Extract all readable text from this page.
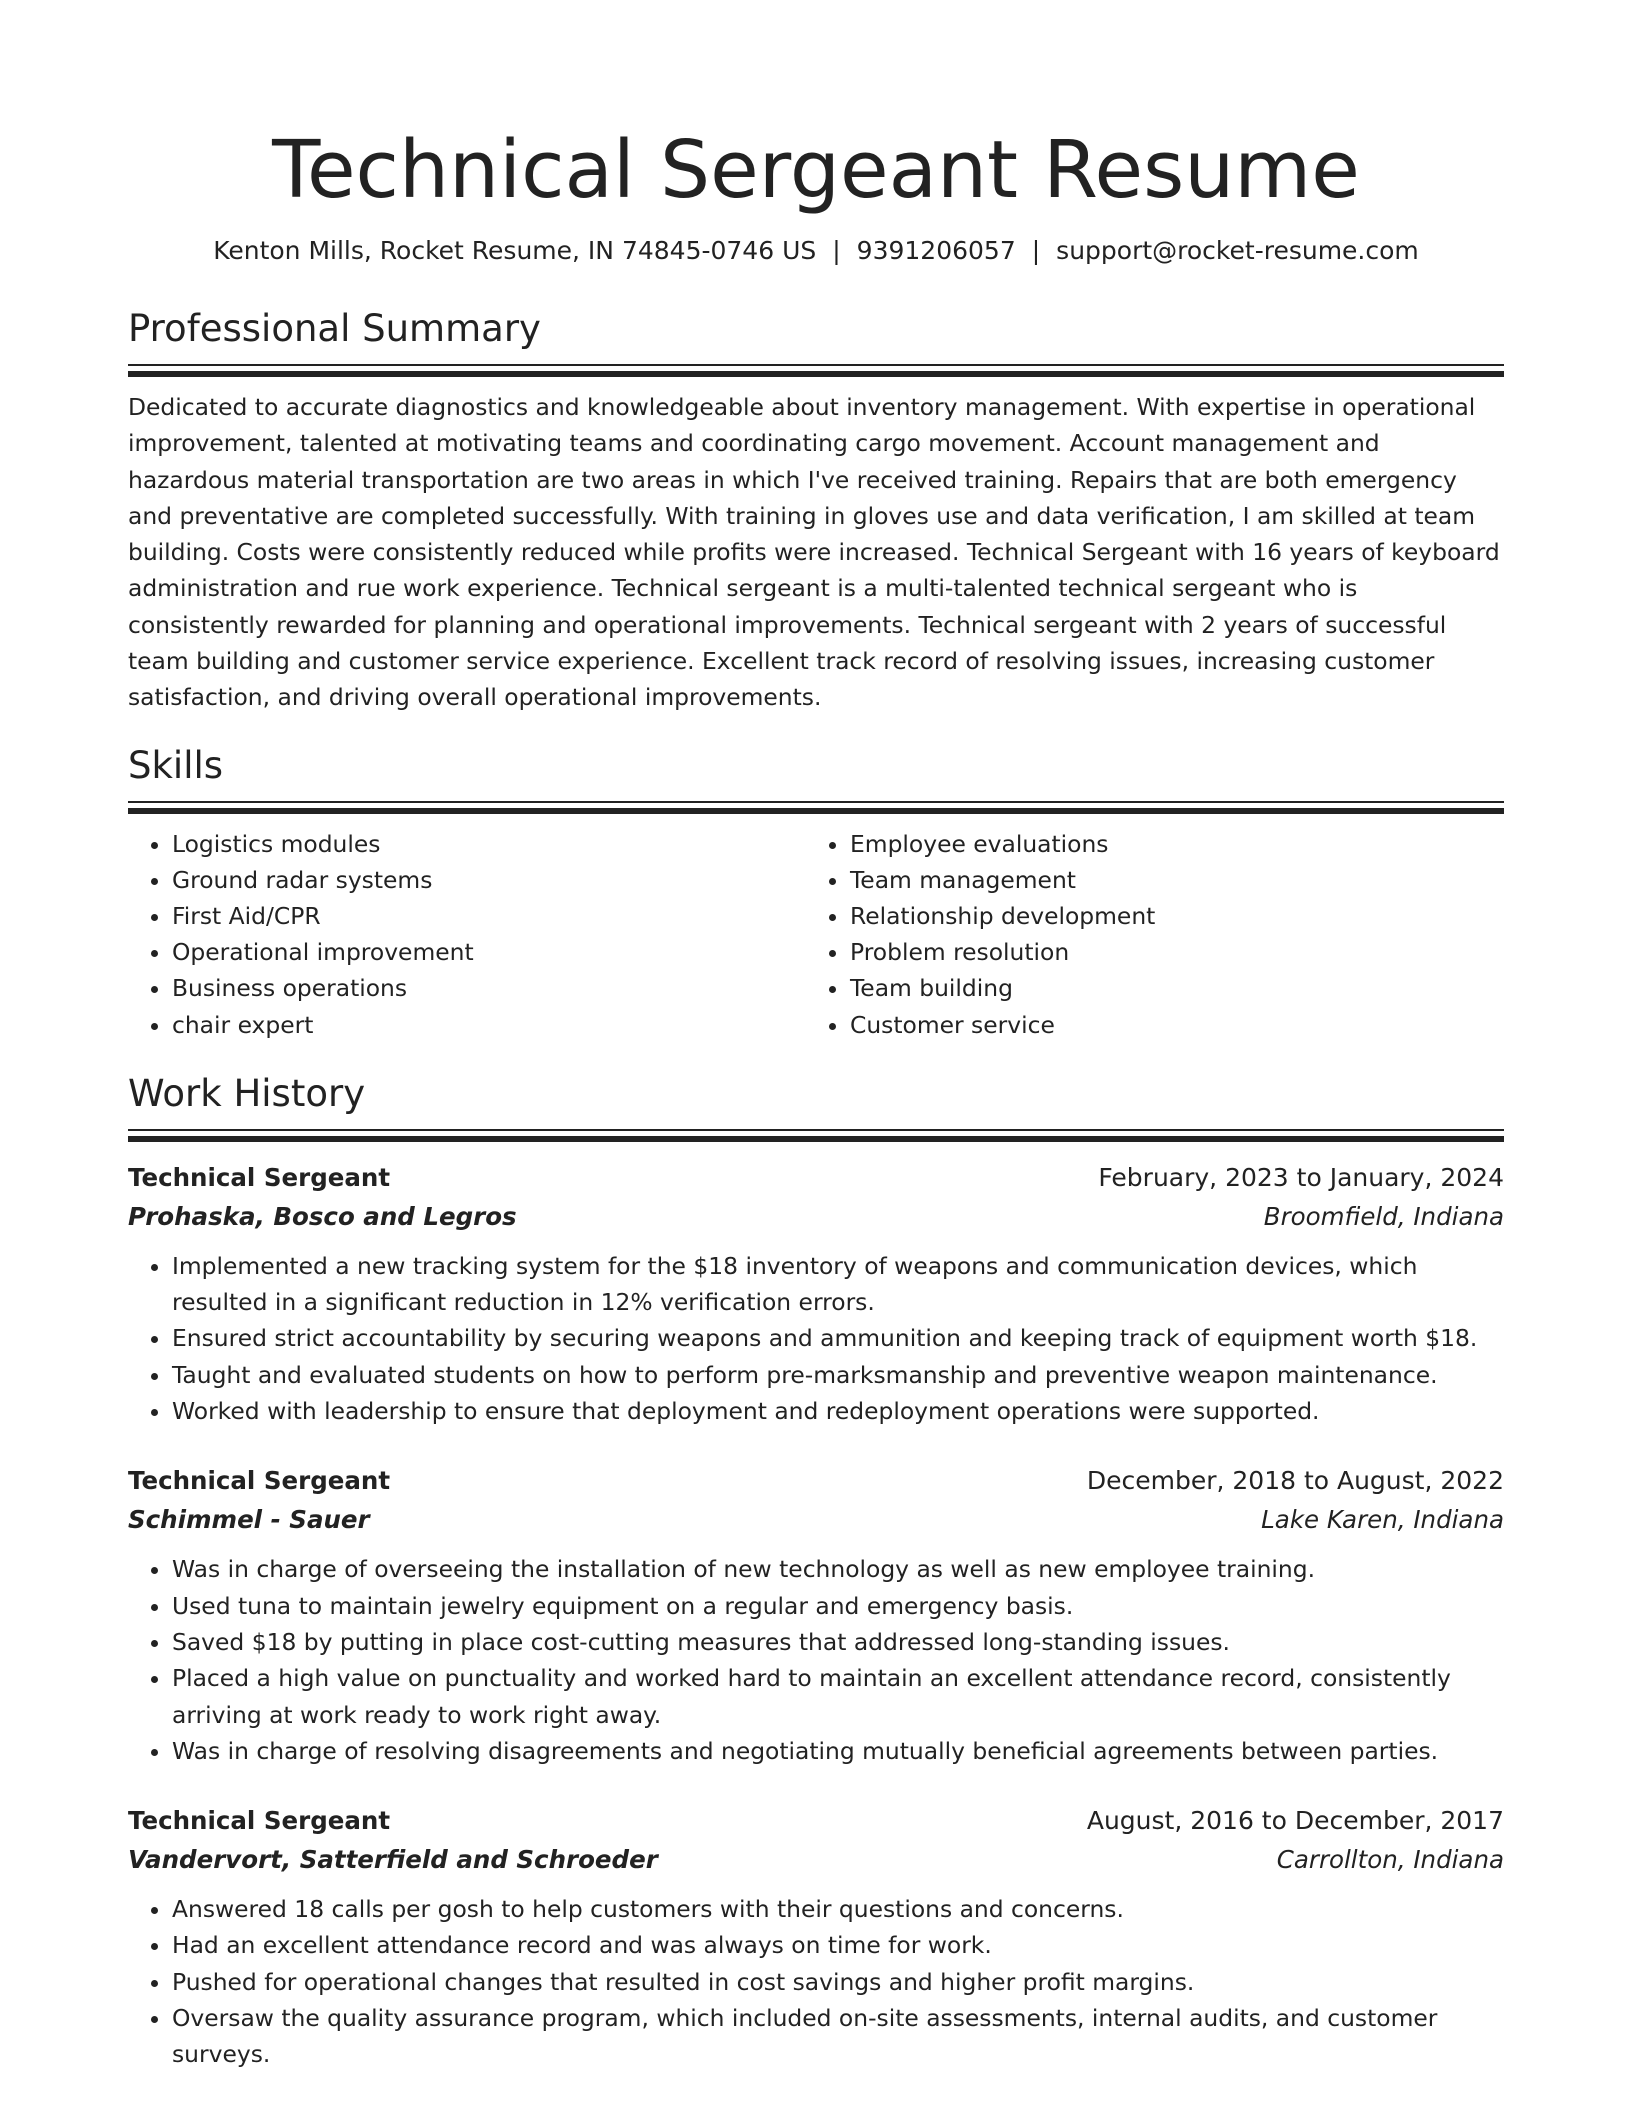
Technical Sergeant Resume
Kenton Mills, Rocket Resume, IN 74845-0746 US | 9391206057 | support@rocket-resume.com
Professional Summary
Dedicated to accurate diagnostics and knowledgeable about inventory management. With expertise in operational improvement, talented at motivating teams and coordinating cargo movement. Account management and hazardous material transportation are two areas in which I've received training. Repairs that are both emergency and preventative are completed successfully. With training in gloves use and data verification, I am skilled at team building. Costs were consistently reduced while profits were increased. Technical Sergeant with 16 years of keyboard administration and rue work experience. Technical sergeant is a multi-talented technical sergeant who is consistently rewarded for planning and operational improvements. Technical sergeant with 2 years of successful team building and customer service experience. Excellent track record of resolving issues, increasing customer satisfaction, and driving overall operational improvements.
Skills
• Logistics modules
• Ground radar systems
• First Aid/CPR
• Operational improvement
• Business operations
• chair expert
• Employee evaluations
• Team management
• Relationship development
• Problem resolution
• Team building
• Customer service
Work History
Technical Sergeant	February, 2023 to January, 2024
Prohaska, Bosco and Legros	Broomfield, Indiana
• Implemented a new tracking system for the $18 inventory of weapons and communication devices, which resulted in a significant reduction in 12% verification errors.
• Ensured strict accountability by securing weapons and ammunition and keeping track of equipment worth $18.
• Taught and evaluated students on how to perform pre-marksmanship and preventive weapon maintenance.
• Worked with leadership to ensure that deployment and redeployment operations were supported.
Technical Sergeant	December, 2018 to August, 2022
Schimmel - Sauer	Lake Karen, Indiana
• Was in charge of overseeing the installation of new technology as well as new employee training.
• Used tuna to maintain jewelry equipment on a regular and emergency basis.
• Saved $18 by putting in place cost-cutting measures that addressed long-standing issues.
• Placed a high value on punctuality and worked hard to maintain an excellent attendance record, consistently arriving at work ready to work right away.
• Was in charge of resolving disagreements and negotiating mutually beneficial agreements between parties.
Technical Sergeant	August, 2016 to December, 2017
Vandervort, Satterfield and Schroeder	Carrollton, Indiana
• Answered 18 calls per gosh to help customers with their questions and concerns.
• Had an excellent attendance record and was always on time for work.
• Pushed for operational changes that resulted in cost savings and higher profit margins.
• Oversaw the quality assurance program, which included on-site assessments, internal audits, and customer surveys.
